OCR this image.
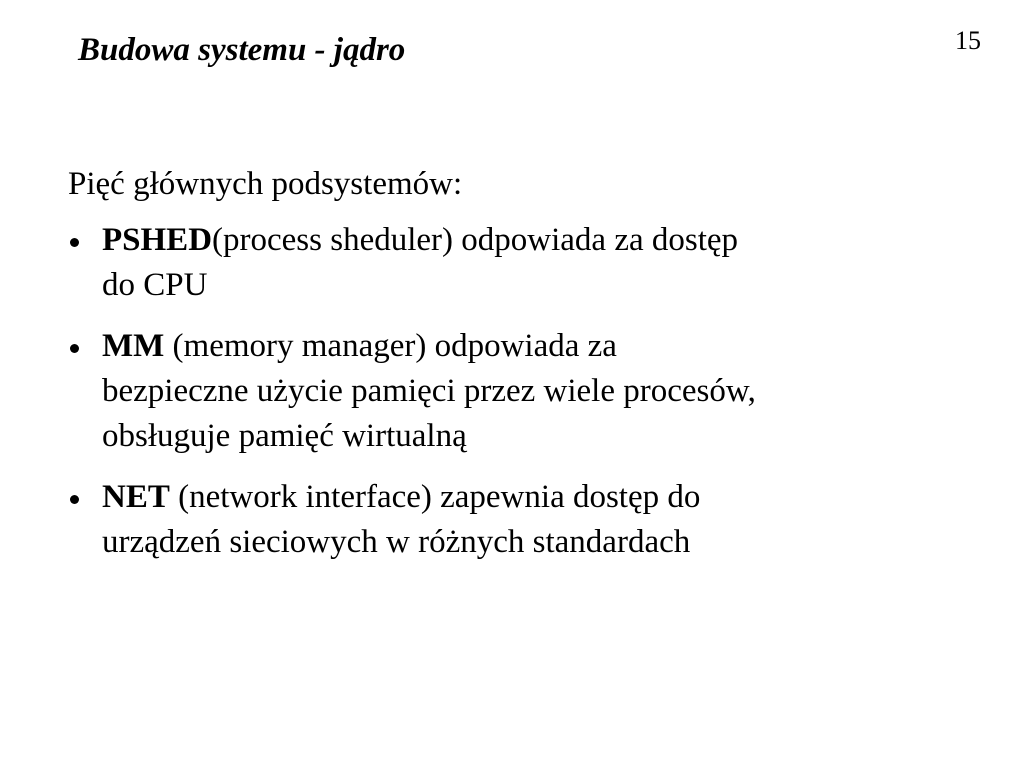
Budowa systemu - jądro	15

Pięć głównych podsystemów:

PSHED(process sheduler) odpowiada za dostęp
do CPU
MM (memory manager) odpowiada za
bezpieczne użycie pamięci przez wiele procesów,
obsługuje pamięć wirtualną
NET (network interface) zapewnia dostęp do
urządzeń sieciowych w różnych standardach
